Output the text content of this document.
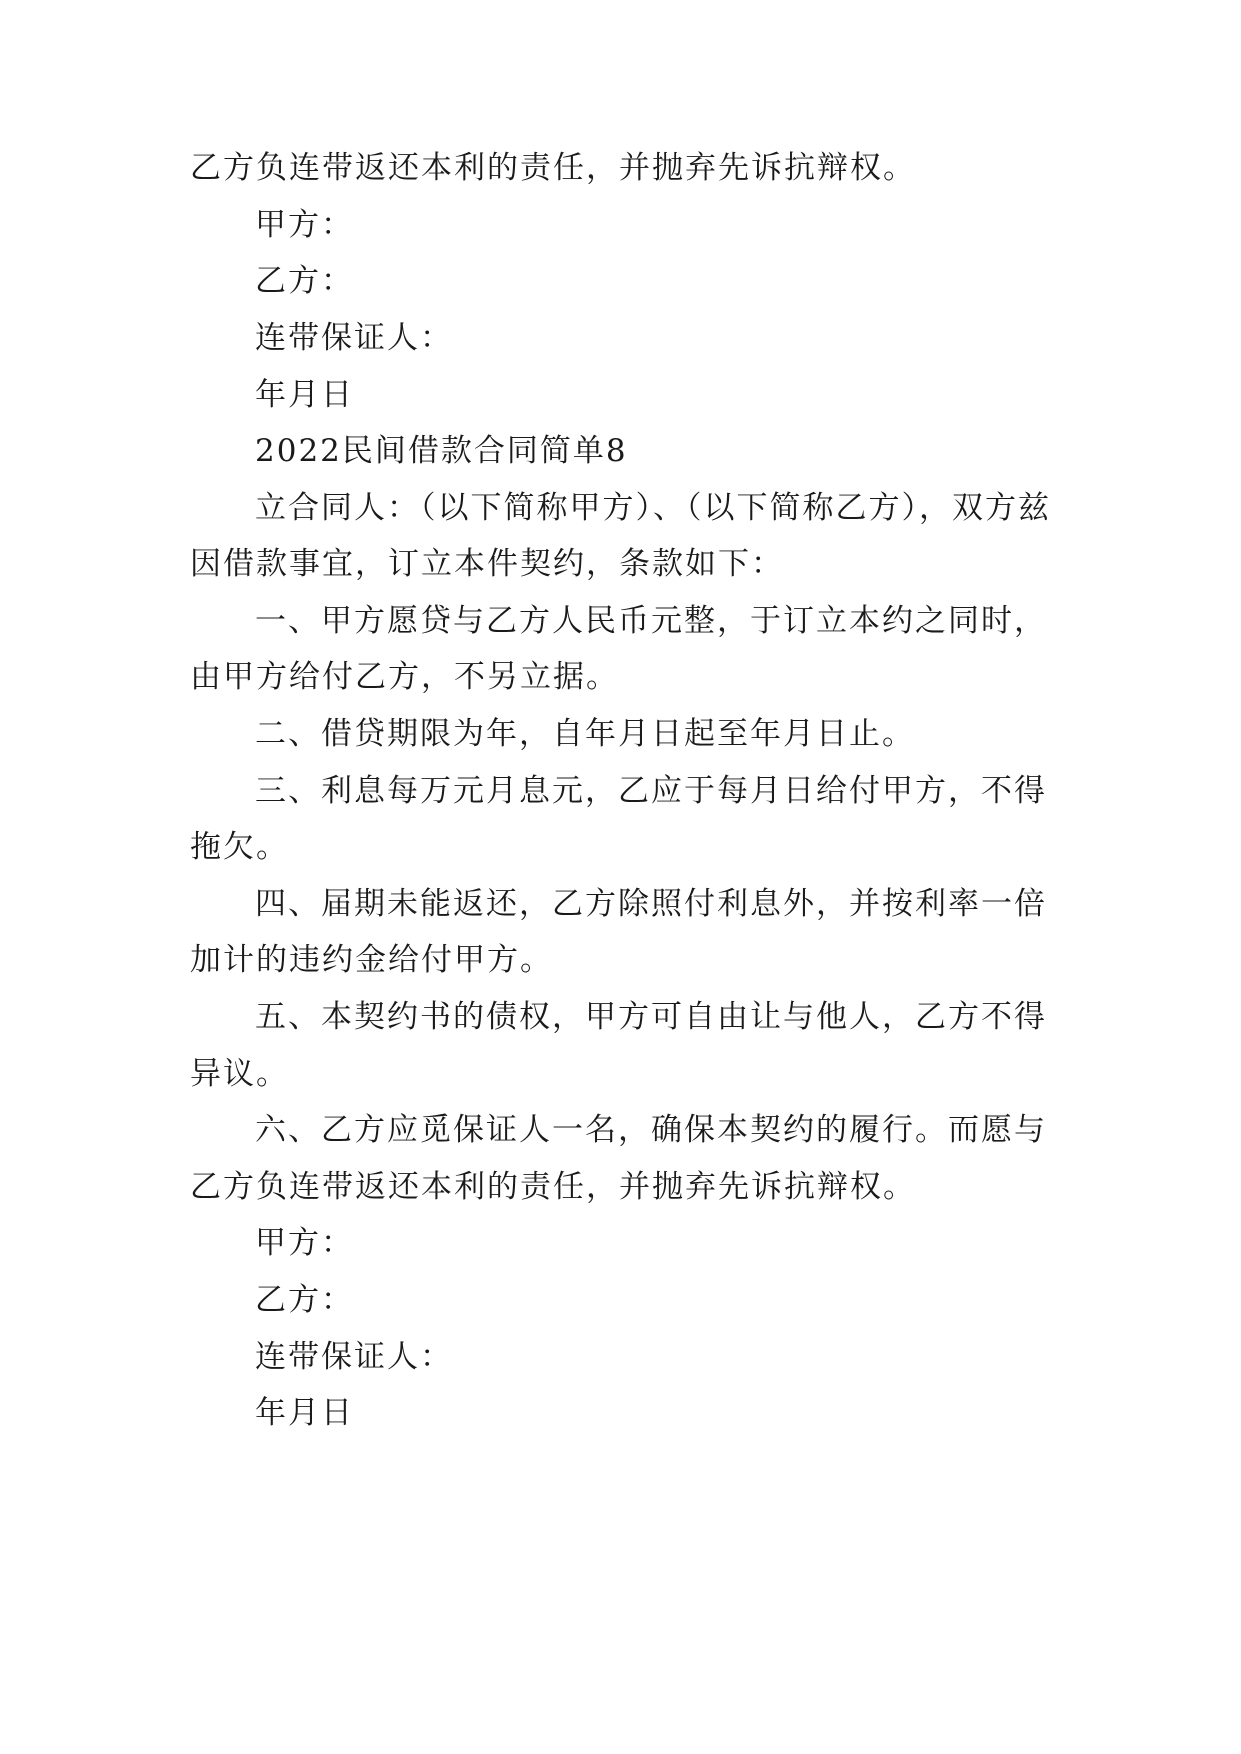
乙方负连带返还本利的责任，并抛弃先诉抗辩权。
甲方：
乙方：
连带保证人：
年月日
2022民间借款合同简单8
立合同人：（以下简称甲方）、（以下简称乙方），双方兹
因借款事宜，订立本件契约，条款如下：
一、甲方愿贷与乙方人民币元整，于订立本约之同时，
由甲方给付乙方，不另立据。
二、借贷期限为年，自年月日起至年月日止。
三、利息每万元月息元，乙应于每月日给付甲方，不得
拖欠。
四、届期未能返还，乙方除照付利息外，并按利率一倍
加计的违约金给付甲方。
五、本契约书的债权，甲方可自由让与他人，乙方不得
异议。
六、乙方应觅保证人一名，确保本契约的履行。而愿与
乙方负连带返还本利的责任，并抛弃先诉抗辩权。
甲方：
乙方：
连带保证人：
年月日
